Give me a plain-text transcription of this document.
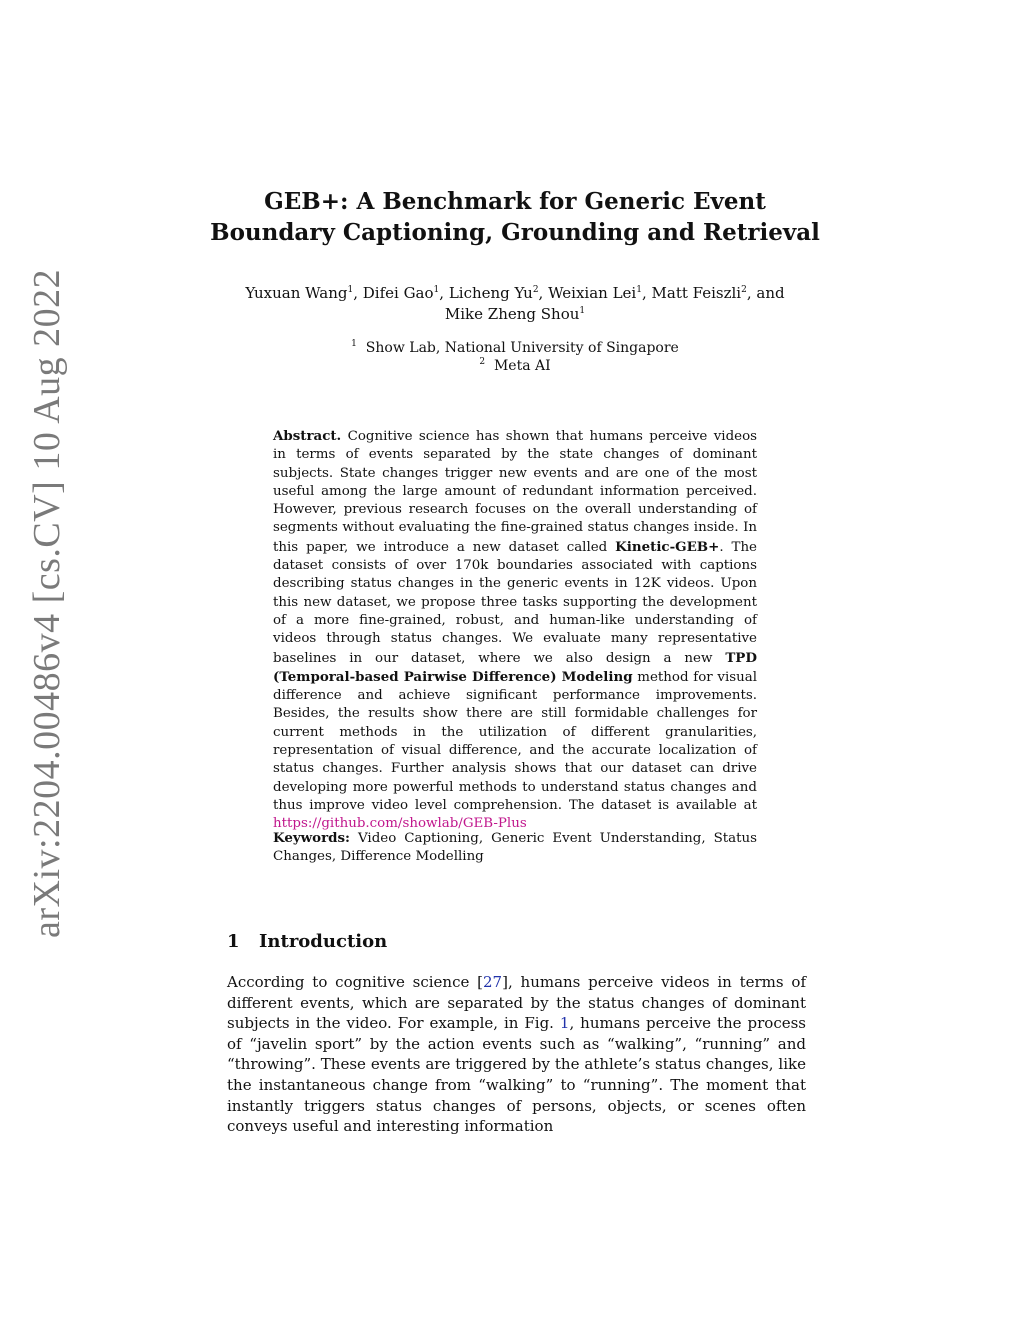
arXiv:2204.00486v4 [cs.CV] 10 Aug 2022
GEB+: A Benchmark for Generic Event
Boundary Captioning, Grounding and Retrieval
Yuxuan Wang$^1$, Difei Gao$^1$, Licheng Yu$^2$, Weixian Lei$^1$, Matt Feiszli$^2$, and
Mike Zheng Shou$^1$
$^1$ Show Lab, National University of Singapore
$^2$ Meta AI
Abstract. Cognitive science has shown that humans perceive videos in terms of events separated by the state changes of dominant subjects. State changes trigger new events and are one of the most useful among the large amount of redundant information perceived. However, previous research focuses on the overall understanding of segments without evaluating the fine-grained status changes inside. In this paper, we introduce a new dataset called Kinetic-GEB+. The dataset consists of over 170k boundaries associated with captions describing status changes in the generic events in 12K videos. Upon this new dataset, we propose three tasks supporting the development of a more fine-grained, robust, and human-like understanding of videos through status changes. We evaluate many representative baselines in our dataset, where we also design a new TPD (Temporal-based Pairwise Difference) Modeling method for visual difference and achieve significant performance improvements. Besides, the results show there are still formidable challenges for current methods in the utilization of different granularities, representation of visual difference, and the accurate localization of status changes. Further analysis shows that our dataset can drive developing more powerful methods to understand status changes and thus improve video level comprehension. The dataset is available at https://github.com/showlab/GEB-Plus
Keywords: Video Captioning, Generic Event Understanding, Status Changes, Difference Modelling
1 Introduction
According to cognitive science [27], humans perceive videos in terms of different events, which are separated by the status changes of dominant subjects in the video. For example, in Fig. 1, humans perceive the process of “javelin sport” by the action events such as “walking”, “running” and “throwing”. These events are triggered by the athlete’s status changes, like the instantaneous change from “walking” to “running”. The moment that instantly triggers status changes of persons, objects, or scenes often conveys useful and interesting information
